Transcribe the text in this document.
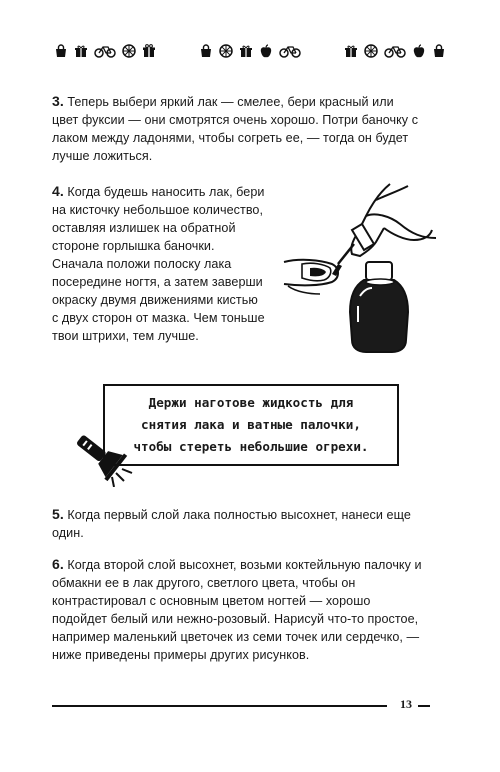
3. Теперь выбери яркий лак — смелее, бери красный или цвет фуксии — они смотрятся очень хорошо. Потри баночку с лаком между ладонями, чтобы согреть ее, — тогда он будет лучше ложиться.

4. Когда будешь наносить лак, бери на кисточку небольшое количество, оставляя излишек на обратной стороне горлышка баночки. Сначала положи полоску лака посередине ногтя, а затем заверши окраску двумя движениями кистью с двух сторон от мазка. Чем тоньше твои штрихи, тем лучше.

Держи наготове жидкость для
снятия лака и ватные палочки,
чтобы стереть небольшие огрехи.

5. Когда первый слой лака полностью высохнет, нанеси еще один.

6. Когда второй слой высохнет, возьми коктейльную палочку и обмакни ее в лак другого, светлого цвета, чтобы он контрастировал с основным цветом ногтей — хорошо подойдет белый или нежно-розовый. Нарисуй что-то простое, например маленький цветочек из семи точек или сердечко, — ниже приведены примеры других рисунков.

13
